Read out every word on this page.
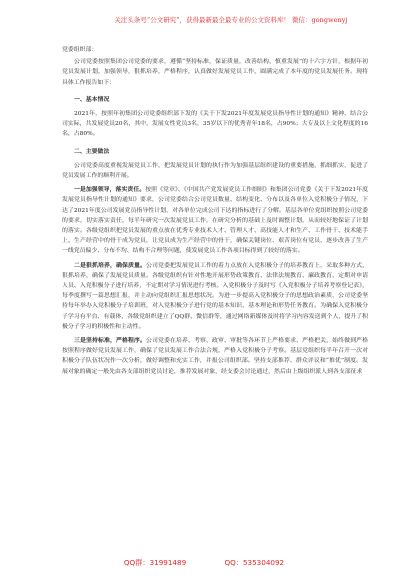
关注头条号“公文研究”，获得最新最全最专业的公文资料库！ 微信：gongwenyj

党委组织部：

公司党委按照集团公司党委的要求，遵循“坚持标准，保证质量，改善结构，慎重发展”的十六字方针，根据年初党员发展计划，加强领导，狠抓培养，严格程序，认真做好发展党员工作，圆满完成了本年度的党员发展任务。现将具体工作报告如下：

一、基本情况

2021年，按照年初集团公司党委组织部下发的《关于下发2021年度发展党员指导性计划的通知》精神，结合公司实际，共发展党员20名，其中，发展女性党员3名，35岁以下的优秀青年18名，占90%；大专及以上文化程度的16名，占80%。

二、主要做法

公司党委高度重视发展党员工作，把发展党员计划的执行作为加强基层组织建设的重要措施，抓细抓实，促进了党员发展工作的顺利开展。

一是加强领导，落实责任。按照《党章》、《中国共产党发展党员工作细则》和集团公司党委《关于下发2021年度发展党员指导性计划的通知》要求，公司党委结合公司党员数量、结构变化、分布以及各单位入党积极分子情况，下达了2021年度公司发展党员指导性计划，对各单位完成公司下达的指标进行了分解。基层各单位党组织按照公司党委的要求，切实落实责任，每半年研究一次发展党员工作，在研究分析的基础上及时调整计划，从而较好地保证了计划的落实。各级党组织把党员发展的重点放在优秀专业技术人才、管理人才、高技能人才和生产、工作骨干、技术能手上，生产经营中的骨干成为党员，让党员成为生产经营中的骨干，确保关键岗位、艰苦岗位有党员，逐步改善了生产一线党员偏少、分布不均、结构不合理等问题，使发展党员工作各项目标得到了较好的落实。

二是狠抓培养，确保质量。公司党委把发展党员工作的着力点放在入党积极分子的培养教育上，采取多种方式，狠抓培养，确保了发展党员质量。各级党组织有针对性地开展形势政策教育、法律法规教育、廉政教育，定期对申请人员、入党积极分子进行培养，不定期对学习情况进行考核。入党积极分子及时写《入党积极分子培养考察登记表》，每季度撰写一篇思想汇报，并主动向党组织汇报思想状况。为进一步提高入党积极分子的思想政治素质，公司党委坚持每年举办入党积极分子培训班，对入党积极分子进行党的基本知识、基本理论和形势任务教育。为确保入党积极分子学习有平台、有载体，各级党组织建立了QQ群、微信群等，通过网络新媒体及时将学习内容发送到个人，提升了积极分子学习的积极性和主动性。

三是坚持标准，严格程序。公司党委在培养、考察、政审、审批等各环节上严格要求、严格把关，始终做到严格按照程序做好党员发展工作，确保了党员发展工作合法合规，严格入党积极分子考察。基层党组织每半年召开一次对积极分子队伍状况作一次分析，做好调整和充实工作，并报公司组织部。坚持支部推荐、群众评议和“推优”制度。发展对象的确定一般先由各支部组织党员讨论，推荐发展对象，经支委会讨论通过，然后由上级组织派人到各支部征求

QQ群：31991489	QQ：535304092
